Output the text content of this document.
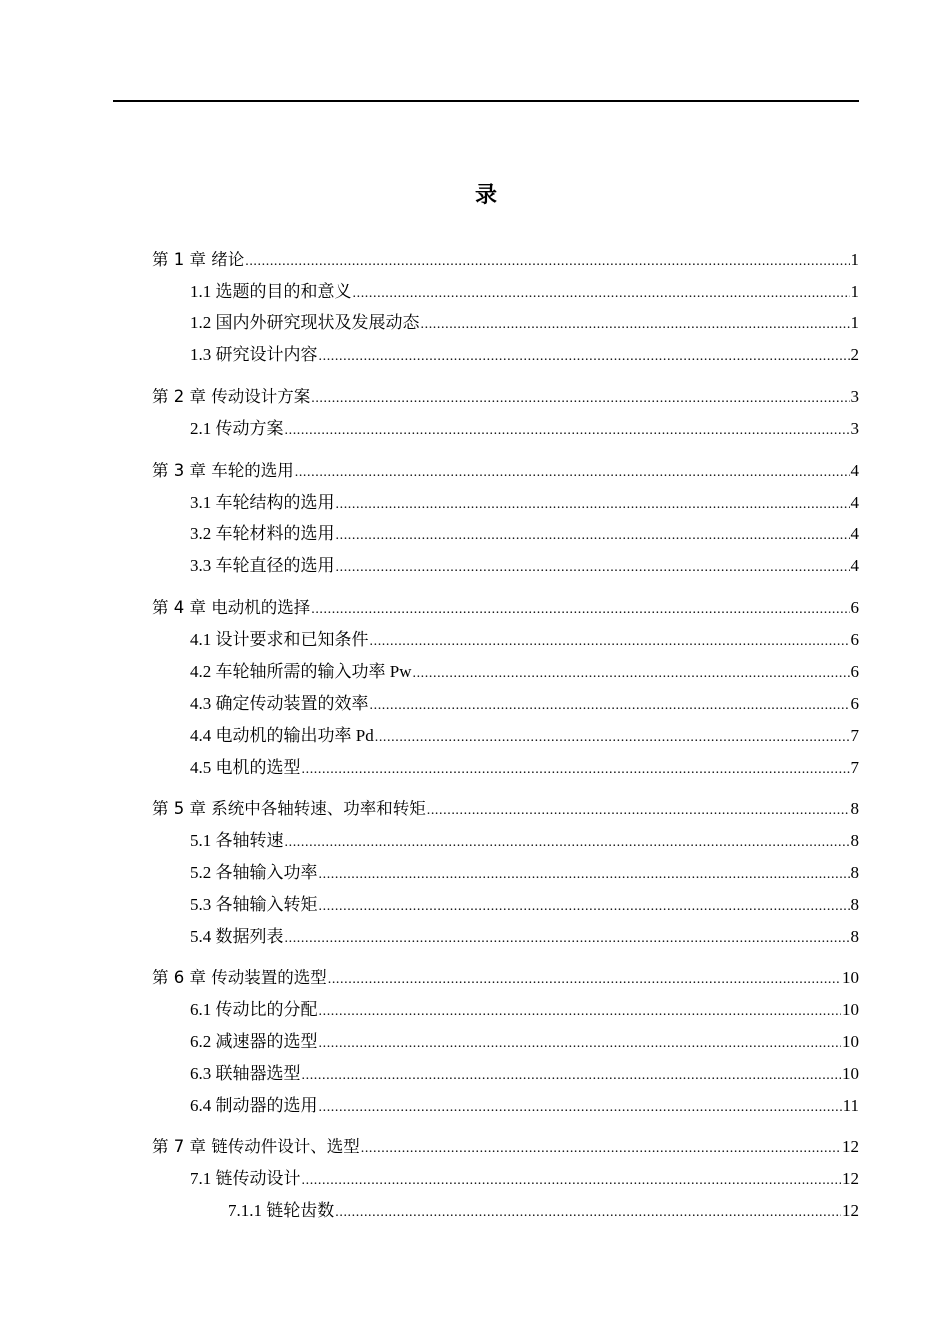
录
第 1 章 绪论 .....	1
1.1 选题的目的和意义 .....	1
1.2 国内外研究现状及发展动态 .....	1
1.3 研究设计内容 .....	2
第 2 章 传动设计方案 .....	3
2.1 传动方案 .....	3
第 3 章 车轮的选用 .....	4
3.1 车轮结构的选用 .....	4
3.2 车轮材料的选用 .....	4
3.3 车轮直径的选用 .....	4
第 4 章 电动机的选择 .....	6
4.1 设计要求和已知条件 .....	6
4.2 车轮轴所需的输入功率 Pw .....	6
4.3 确定传动装置的效率 .....	6
4.4 电动机的输出功率 Pd .....	7
4.5 电机的选型 .....	7
第 5 章 系统中各轴转速、功率和转矩 .....	8
5.1 各轴转速 .....	8
5.2 各轴输入功率 .....	8
5.3 各轴输入转矩 .....	8
5.4 数据列表 .....	8
第 6 章 传动装置的选型 .....	10
6.1 传动比的分配 .....	10
6.2 减速器的选型 .....	10
6.3 联轴器选型 .....	10
6.4 制动器的选用 .....	11
第 7 章 链传动件设计、选型 .....	12
7.1 链传动设计 .....	12
7.1.1 链轮齿数 .....	12
